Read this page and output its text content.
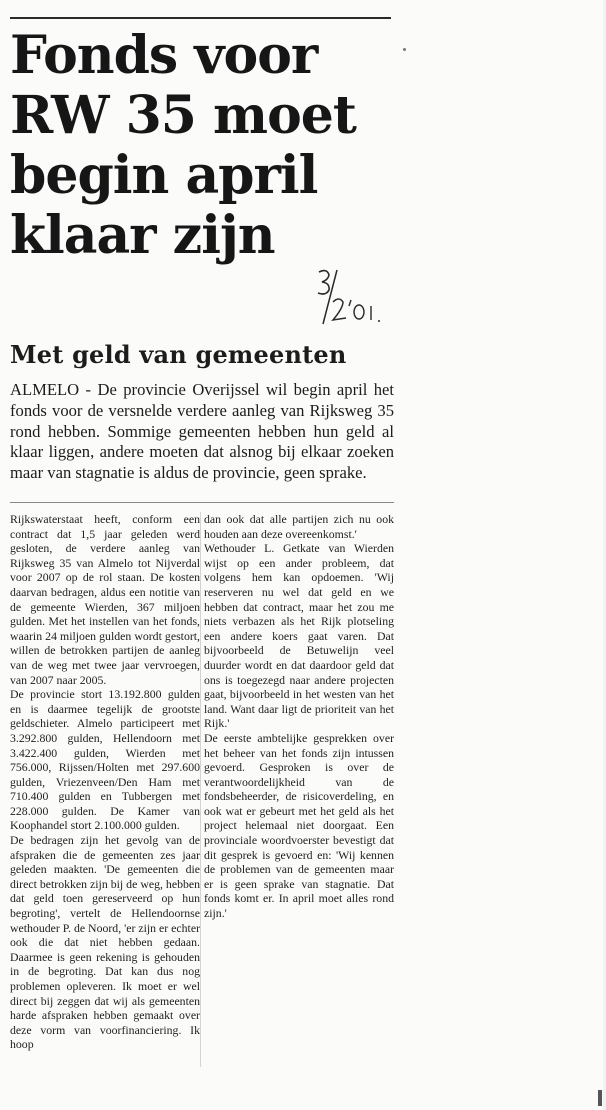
Fonds voor
RW 35 moet
begin april
klaar zijn
Met geld van gemeenten

ALMELO - De provincie Overijssel wil begin april het fonds voor de versnelde verdere aanleg van Rijksweg 35 rond hebben. Sommige gemeenten hebben hun geld al klaar liggen, andere moeten dat alsnog bij elkaar zoeken maar van stagnatie is aldus de provincie, geen sprake.

Rijkswaterstaat heeft, conform een contract dat 1,5 jaar geleden werd gesloten, de verdere aanleg van Rijksweg 35 van Almelo tot Nijverdal voor 2007 op de rol staan. De kosten daarvan bedragen, aldus een notitie van de gemeente Wierden, 367 miljoen gulden. Met het instellen van het fonds, waarin 24 miljoen gulden wordt gestort, willen de betrokken partijen de aanleg van de weg met twee jaar vervroegen, van 2007 naar 2005.

De provincie stort 13.192.800 gulden en is daarmee tegelijk de grootste geldschieter. Almelo participeert met 3.292.800 gulden, Hellendoorn met 3.422.400 gulden, Wierden met 756.000, Rijssen/Holten met 297.600 gulden, Vriezenveen/Den Ham met 710.400 gulden en Tubbergen met 228.000 gulden. De Kamer van Koophandel stort 2.100.000 gulden.

De bedragen zijn het gevolg van de afspraken die de gemeenten zes jaar geleden maakten. 'De gemeenten die direct betrokken zijn bij de weg, hebben dat geld toen gereserveerd op hun begroting', vertelt de Hellendoornse wethouder P. de Noord, 'er zijn er echter ook die dat niet hebben gedaan. Daarmee is geen rekening is gehouden in de begroting. Dat kan dus nog problemen opleveren. Ik moet er wel direct bij zeggen dat wij als gemeenten harde afspraken hebben gemaakt over deze vorm van voorfinanciering. Ik hoop

dan ook dat alle partijen zich nu ook houden aan deze overeenkomst.'

Wethouder L. Getkate van Wierden wijst op een ander probleem, dat volgens hem kan opdoemen. 'Wij reserveren nu wel dat geld en we hebben dat contract, maar het zou me niets verbazen als het Rijk plotseling een andere koers gaat varen. Dat bijvoorbeeld de Betuwelijn veel duurder wordt en dat daardoor geld dat ons is toegezegd naar andere projecten gaat, bijvoorbeeld in het westen van het land. Want daar ligt de prioriteit van het Rijk.'

De eerste ambtelijke gesprekken over het beheer van het fonds zijn intussen gevoerd. Gesproken is over de verantwoordelijkheid van de fondsbeheerder, de risicoverdeling, en ook wat er gebeurt met het geld als het project helemaal niet doorgaat. Een provinciale woordvoerster bevestigt dat dit gesprek is gevoerd en: 'Wij kennen de problemen van de gemeenten maar er is geen sprake van stagnatie. Dat fonds komt er. In april moet alles rond zijn.'
